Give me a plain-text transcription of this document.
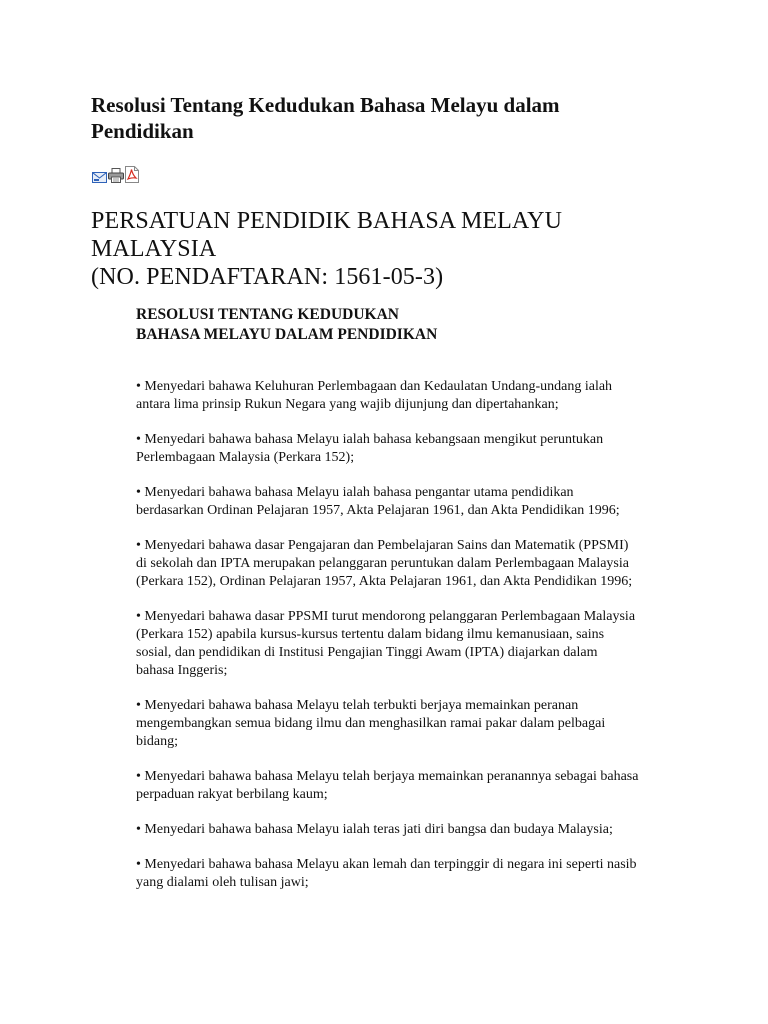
Resolusi Tentang Kedudukan Bahasa Melayu dalam
Pendidikan
PERSATUAN PENDIDIK BAHASA MELAYU
MALAYSIA
(NO. PENDAFTARAN: 1561-05-3)
RESOLUSI TENTANG KEDUDUKAN
BAHASA MELAYU DALAM PENDIDIKAN
• Menyedari bahawa Keluhuran Perlembagaan dan Kedaulatan Undang-undang ialah
antara lima prinsip Rukun Negara yang wajib dijunjung dan dipertahankan;
• Menyedari bahawa bahasa Melayu ialah bahasa kebangsaan mengikut peruntukan
Perlembagaan Malaysia (Perkara 152);
• Menyedari bahawa bahasa Melayu ialah bahasa pengantar utama pendidikan
berdasarkan Ordinan Pelajaran 1957, Akta Pelajaran 1961, dan Akta Pendidikan 1996;
• Menyedari bahawa dasar Pengajaran dan Pembelajaran Sains dan Matematik (PPSMI)
di sekolah dan IPTA merupakan pelanggaran peruntukan dalam Perlembagaan Malaysia
(Perkara 152), Ordinan Pelajaran 1957, Akta Pelajaran 1961, dan Akta Pendidikan 1996;
• Menyedari bahawa dasar PPSMI turut mendorong pelanggaran Perlembagaan Malaysia
(Perkara 152) apabila kursus-kursus tertentu dalam bidang ilmu kemanusiaan, sains
sosial, dan pendidikan di Institusi Pengajian Tinggi Awam (IPTA) diajarkan dalam
bahasa Inggeris;
• Menyedari bahawa bahasa Melayu telah terbukti berjaya memainkan peranan
mengembangkan semua bidang ilmu dan menghasilkan ramai pakar dalam pelbagai
bidang;
• Menyedari bahawa bahasa Melayu telah berjaya memainkan peranannya sebagai bahasa
perpaduan rakyat berbilang kaum;
• Menyedari bahawa bahasa Melayu ialah teras jati diri bangsa dan budaya Malaysia;
• Menyedari bahawa bahasa Melayu akan lemah dan terpinggir di negara ini seperti nasib
yang dialami oleh tulisan jawi;
